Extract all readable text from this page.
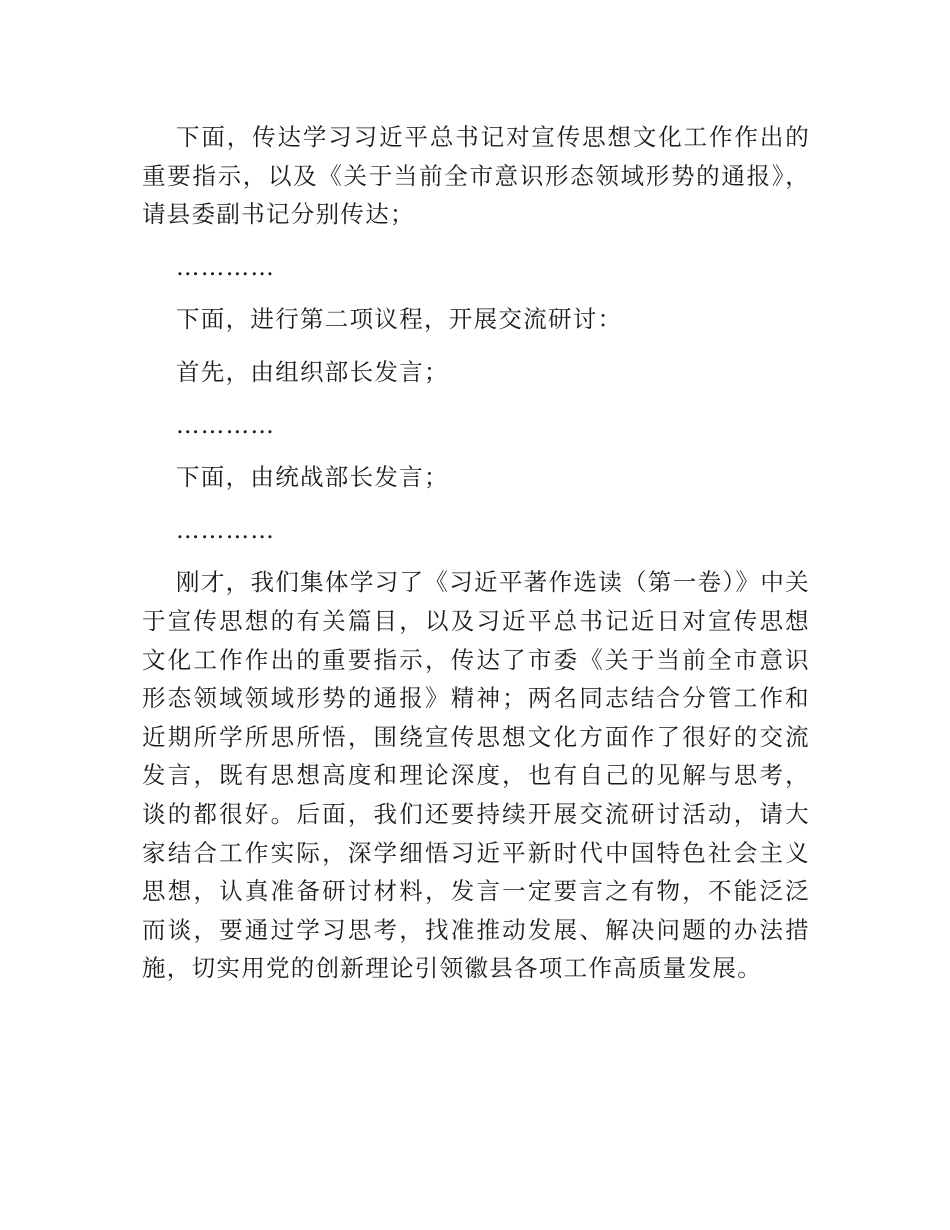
下面，传达学习习近平总书记对宣传思想文化工作作出的重要指示，以及《关于当前全市意识形态领域形势的通报》，请县委副书记分别传达；

…………

下面，进行第二项议程，开展交流研讨：

首先，由组织部长发言；

…………

下面，由统战部长发言；

…………

刚才，我们集体学习了《习近平著作选读（第一卷）》中关于宣传思想的有关篇目，以及习近平总书记近日对宣传思想文化工作作出的重要指示，传达了市委《关于当前全市意识形态领域领域形势的通报》精神；两名同志结合分管工作和近期所学所思所悟，围绕宣传思想文化方面作了很好的交流发言，既有思想高度和理论深度，也有自己的见解与思考，谈的都很好。后面，我们还要持续开展交流研讨活动，请大家结合工作实际，深学细悟习近平新时代中国特色社会主义思想，认真准备研讨材料，发言一定要言之有物，不能泛泛而谈，要通过学习思考，找准推动发展、解决问题的办法措施，切实用党的创新理论引领徽县各项工作高质量发展。
